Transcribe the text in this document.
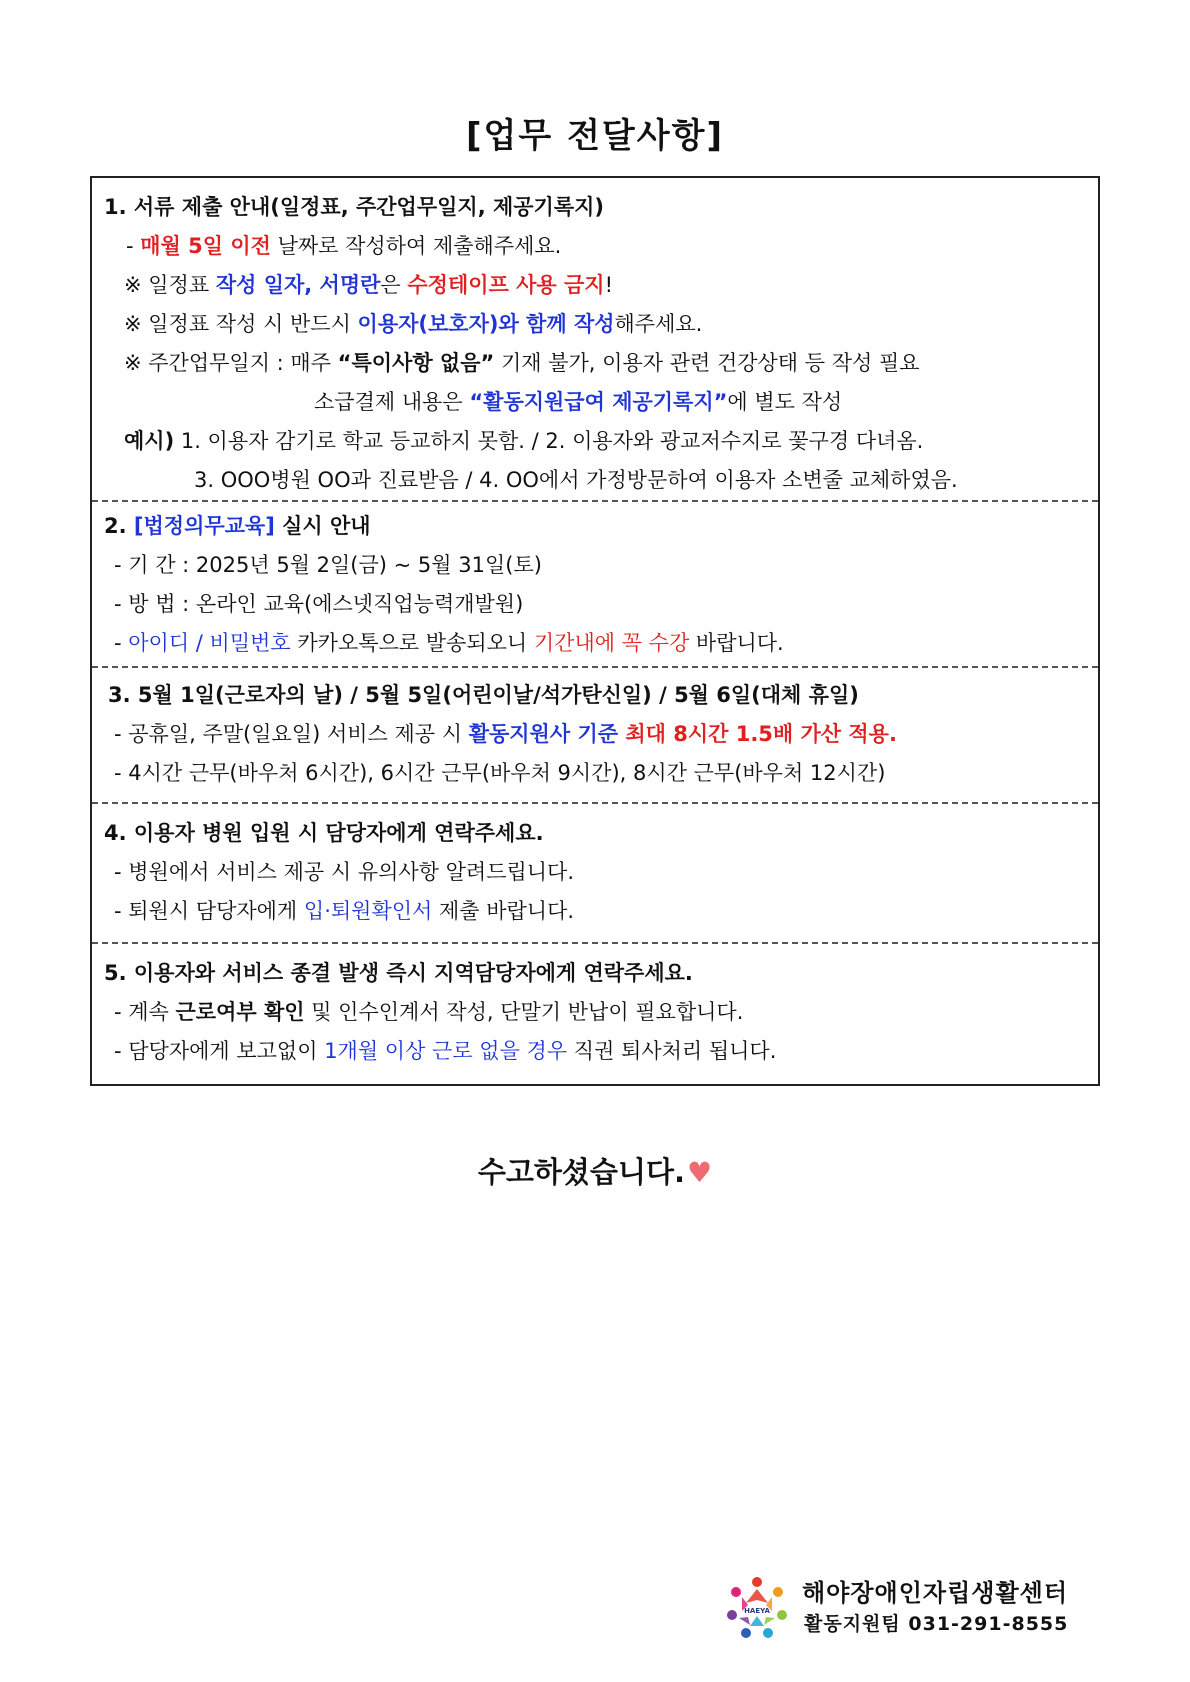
[업무 전달사항]
1. 서류 제출 안내(일정표, 주간업무일지, 제공기록지)
- 매월 5일 이전 날짜로 작성하여 제출해주세요.
※ 일정표 작성 일자, 서명란은 수정테이프 사용 금지!
※ 일정표 작성 시 반드시 이용자(보호자)와 함께 작성해주세요.
※ 주간업무일지 : 매주 “특이사항 없음” 기재 불가, 이용자 관련 건강상태 등 작성 필요
소급결제 내용은 “활동지원급여 제공기록지”에 별도 작성
예시) 1. 이용자 감기로 학교 등교하지 못함. / 2. 이용자와 광교저수지로 꽃구경 다녀옴.
3. OOO병원 OO과 진료받음 / 4. OO에서 가정방문하여 이용자 소변줄 교체하였음.
2. [법정의무교육] 실시 안내
- 기 간 : 2025년 5월 2일(금) ~ 5월 31일(토)
- 방 법 : 온라인 교육(에스넷직업능력개발원)
- 아이디 / 비밀번호 카카오톡으로 발송되오니 기간내에 꼭 수강 바랍니다.
3. 5월 1일(근로자의 날) / 5월 5일(어린이날/석가탄신일) / 5월 6일(대체 휴일)
- 공휴일, 주말(일요일) 서비스 제공 시 활동지원사 기준 최대 8시간 1.5배 가산 적용.
- 4시간 근무(바우처 6시간), 6시간 근무(바우처 9시간), 8시간 근무(바우처 12시간)
4. 이용자 병원 입원 시 담당자에게 연락주세요.
- 병원에서 서비스 제공 시 유의사항 알려드립니다.
- 퇴원시 담당자에게 입·퇴원확인서 제출 바랍니다.
5. 이용자와 서비스 종결 발생 즉시 지역담당자에게 연락주세요.
- 계속 근로여부 확인 및 인수인계서 작성, 단말기 반납이 필요합니다.
- 담당자에게 보고없이 1개월 이상 근로 없을 경우 직권 퇴사처리 됩니다.
수고하셨습니다.♥
HAEYA
해야장애인자립생활센터
활동지원팀 031-291-8555
